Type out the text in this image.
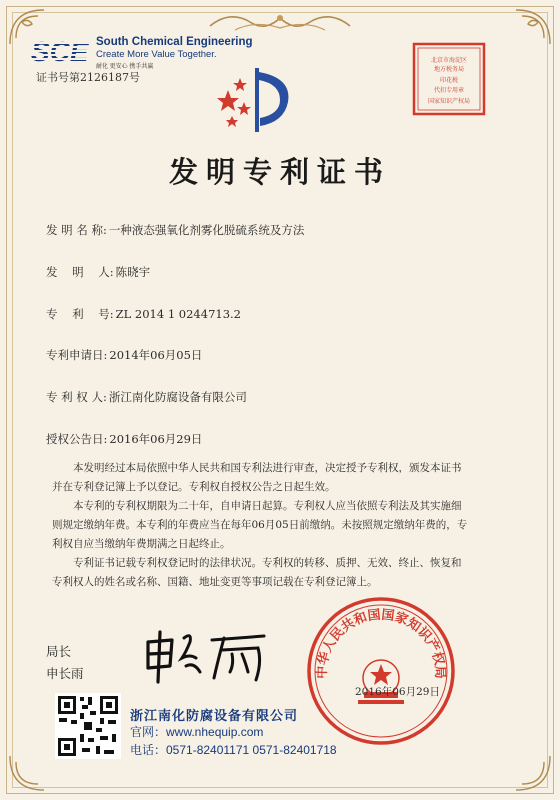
SCE South Chemical Engineering
Create More Value Together.
耐化 更安心 携手共赢
证书号第2126187号
北京市海淀区
地方税务局
印花税
代扣专用章
国家知识产权局
发明专利证书
发 明 名 称: 一种液态强氧化剂雾化脱硫系统及方法
发    明    人: 陈晓宇
专    利    号: ZL 2014 1 0244713.2
专利申请日: 2014年06月05日
专 利 权 人: 浙江南化防腐设备有限公司
授权公告日: 2016年06月29日

本发明经过本局依照中华人民共和国专利法进行审查，决定授予专利权，颁发本证书并在专利登记簿上予以登记。专利权自授权公告之日起生效。

本专利的专利权期限为二十年，自申请日起算。专利权人应当依照专利法及其实施细则规定缴纳年费。本专利的年费应当在每年06月05日前缴纳。未按照规定缴纳年费的，专利权自应当缴纳年费期满之日起终止。

专利证书记载专利权登记时的法律状况。专利权的转移、质押、无效、终止、恢复和专利权人的姓名或名称、国籍、地址变更等事项记载在专利登记簿上。

中华人民共和国国家知识产权局
2016年06月29日
局长
申长雨
浙江南化防腐设备有限公司
官网：www.nhequip.com
电话：0571-82401171 0571-82401718
